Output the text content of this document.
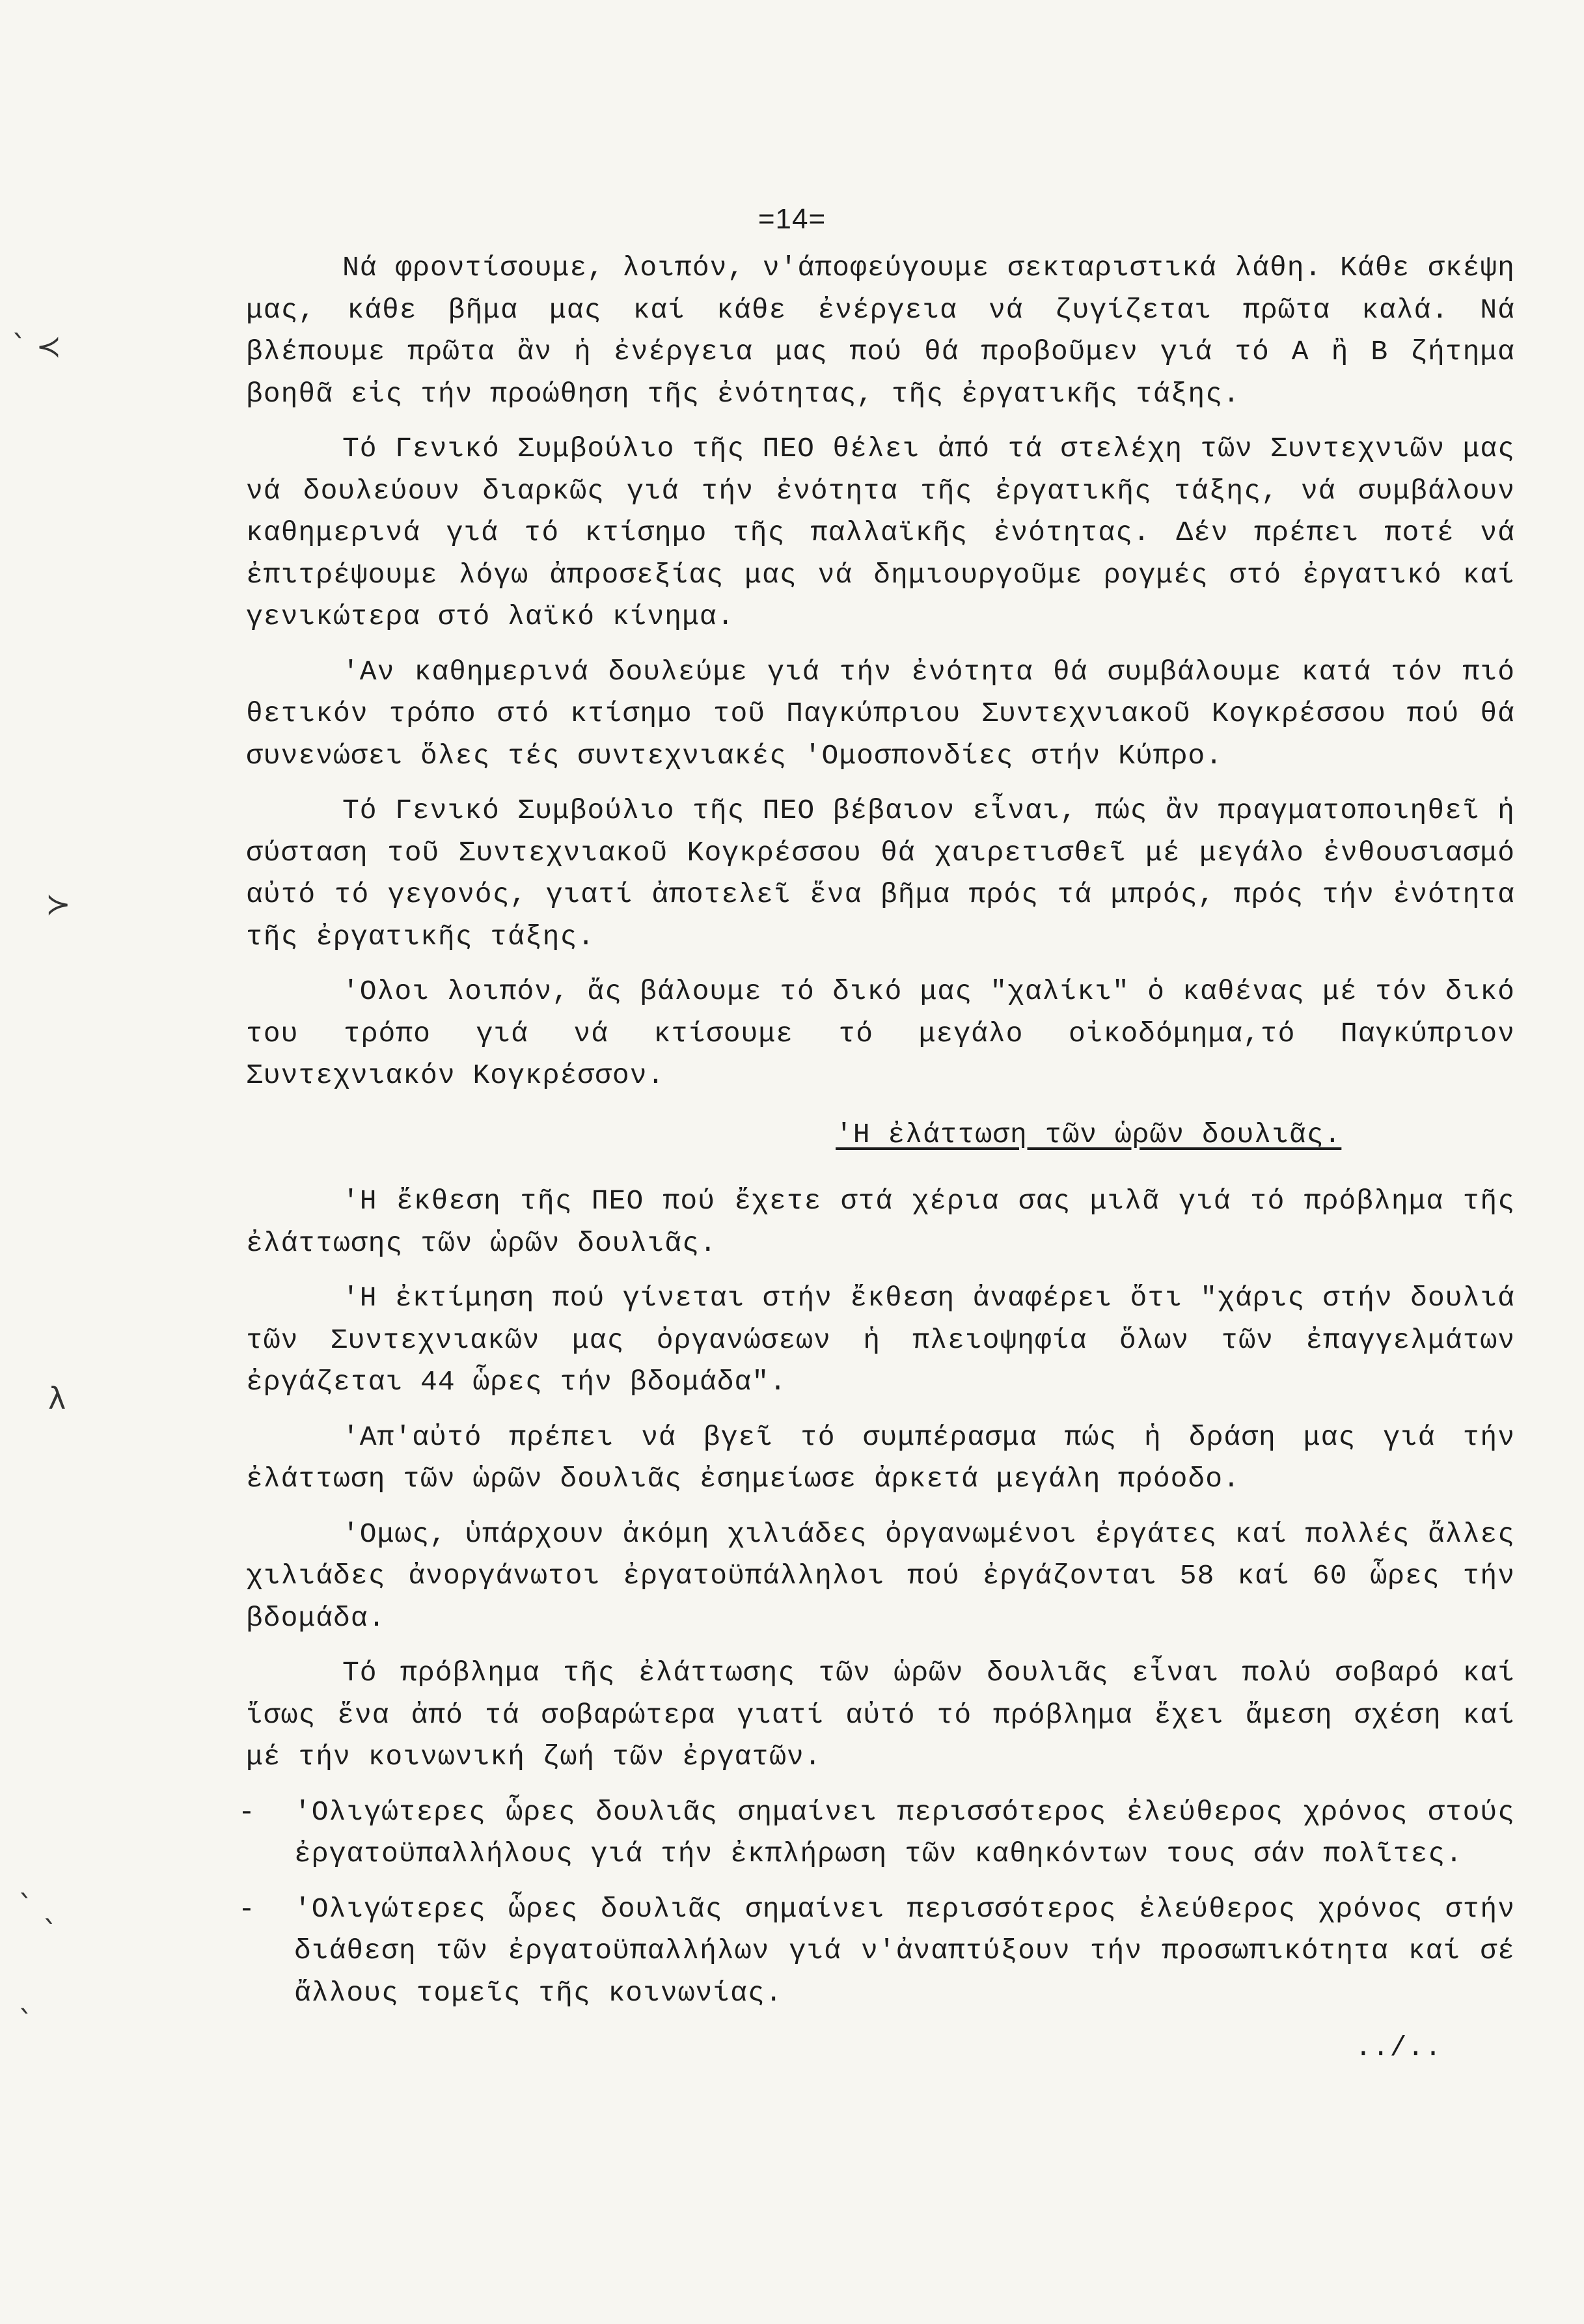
=14=
ˋ ≺
≻
λ
ˋ ˎ
ˎ

Νά φροντίσουμε, λοιπόν, ν'άποφεύγουμε σεκταριστικά λάθη. Κάθε σκέψη μας, κάθε βῆμα μας καί κάθε ἐνέργεια νά ζυγίζεται πρῶτα καλά. Νά βλέπουμε πρῶτα ἂν ἡ ἐνέργεια μας πού θά προβοῦμεν γιά τό Α ἢ Β ζήτημα βοηθᾶ εἰς τήν προώθηση τῆς ἐνότητας, τῆς ἐργατικῆς τάξης.

Τό Γενικό Συμβούλιο τῆς ΠΕΟ θέλει ἀπό τά στελέχη τῶν Συντεχνιῶν μας νά δουλεύουν διαρκῶς γιά τήν ἐνότητα τῆς ἐργατικῆς τάξης, νά συμβάλουν καθημερινά γιά τό κτίσημο τῆς παλλαϊκῆς ἐνότητας. Δέν πρέπει ποτέ νά ἐπιτρέψουμε λόγω ἀπροσεξίας μας νά δημιουργοῦμε ρογμές στό ἐργατικό καί γενικώτερα στό λαϊκό κίνημα.

'Αν καθημερινά δουλεύμε γιά τήν ἐνότητα θά συμβάλουμε κατά τόν πιό θετικόν τρόπο στό κτίσημο τοῦ Παγκύπριου Συντεχνιακοῦ Κογκρέσσου πού θά συνενώσει ὅλες τές συντεχνιακές 'Ομοσπονδίες στήν Κύπρο.

Τό Γενικό Συμβούλιο τῆς ΠΕΟ βέβαιον εἶναι, πώς ἂν πραγματοποιηθεῖ ἡ σύσταση τοῦ Συντεχνιακοῦ Κογκρέσσου θά χαιρετισθεῖ μέ μεγάλο ἐνθουσιασμό αὐτό τό γεγονός, γιατί ἀποτελεῖ ἕνα βῆμα πρός τά μπρός, πρός τήν ἐνότητα τῆς ἐργατικῆς τάξης.

'Ολοι λοιπόν, ἄς βάλουμε τό δικό μας "χαλίκι" ὁ καθένας μέ τόν δικό του τρόπο γιά νά κτίσουμε τό μεγάλο οἰκοδόμημα,τό Παγκύπριον Συντεχνιακόν Κογκρέσσον.

'Η ἐλάττωση τῶν ὡρῶν δουλιᾶς.

'Η ἔκθεση τῆς ΠΕΟ πού ἔχετε στά χέρια σας μιλᾶ γιά τό πρόβλημα τῆς ἐλάττωσης τῶν ὡρῶν δουλιᾶς.

'Η ἐκτίμηση πού γίνεται στήν ἔκθεση ἀναφέρει ὅτι "χάρις στήν δουλιά τῶν Συντεχνιακῶν μας ὀργανώσεων ἡ πλειοψηφία ὅλων τῶν ἐπαγγελμάτων ἐργάζεται 44 ὧρες τήν βδομάδα".

'Απ'αὐτό πρέπει νά βγεῖ τό συμπέρασμα πώς ἡ δράση μας γιά τήν ἐλάττωση τῶν ὡρῶν δουλιᾶς ἐσημείωσε ἀρκετά μεγάλη πρόοδο.

'Ομως, ὑπάρχουν ἀκόμη χιλιάδες ὀργανωμένοι ἐργάτες καί πολλές ἄλλες χιλιάδες ἀνοργάνωτοι ἐργατοϋπάλληλοι πού ἐργάζονται 58 καί 60 ὧρες τήν βδομάδα.

Τό πρόβλημα τῆς ἐλάττωσης τῶν ὡρῶν δουλιᾶς εἶναι πολύ σοβαρό καί ἴσως ἕνα ἀπό τά σοβαρώτερα γιατί αὐτό τό πρόβλημα ἔχει ἄμεση σχέση καί μέ τήν κοινωνική ζωή τῶν ἐργατῶν.

-	'Ολιγώτερες ὧρες δουλιᾶς σημαίνει περισσότερος ἐλεύθερος χρόνος στούς ἐργατοϋπαλλήλους γιά τήν ἐκπλήρωση τῶν καθηκόντων τους σάν πολῖτες.
-	'Ολιγώτερες ὧρες δουλιᾶς σημαίνει περισσότερος ἐλεύθερος χρόνος στήν διάθεση τῶν ἐργατοϋπαλλήλων γιά ν'ἀναπτύξουν τήν προσωπικότητα καί σέ ἄλλους τομεῖς τῆς κοινωνίας.
../..
